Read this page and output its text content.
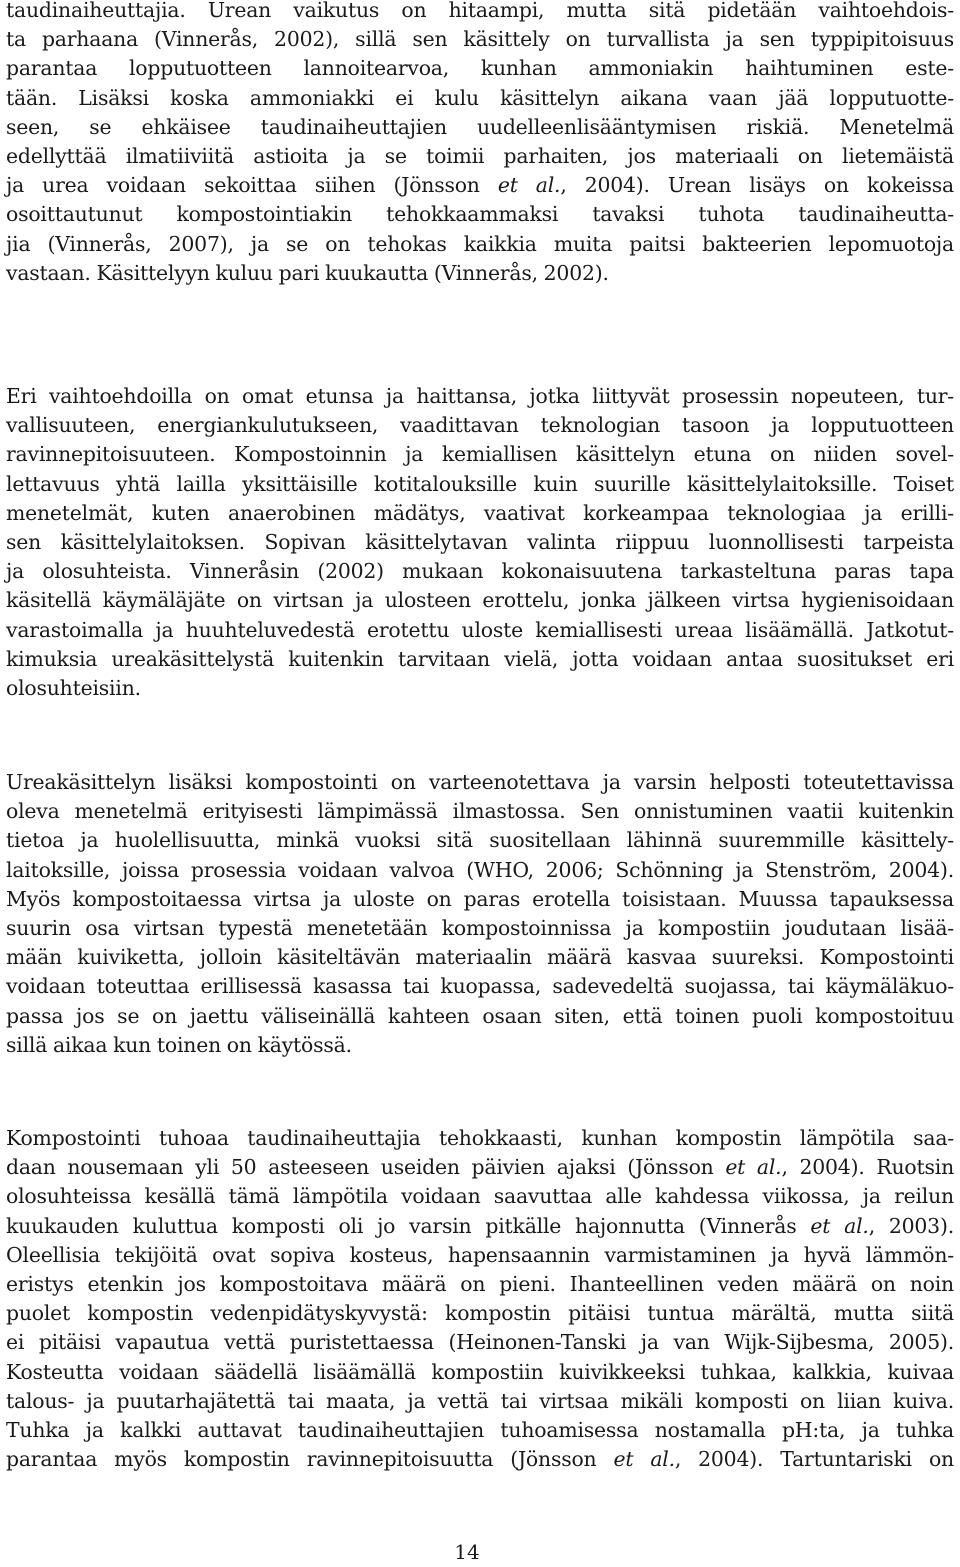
taudinaiheuttajia. Urean vaikutus on hitaampi, mutta sitä pidetään vaihtoehdois-
ta parhaana (Vinnerås, 2002), sillä sen käsittely on turvallista ja sen typpipitoisuus
parantaa lopputuotteen lannoitearvoa, kunhan ammoniakin haihtuminen este-
tään. Lisäksi koska ammoniakki ei kulu käsittelyn aikana vaan jää lopputuotte-
seen, se ehkäisee taudinaiheuttajien uudelleenlisääntymisen riskiä. Menetelmä
edellyttää ilmatiiviitä astioita ja se toimii parhaiten, jos materiaali on lietemäistä
ja urea voidaan sekoittaa siihen (Jönsson et al., 2004). Urean lisäys on kokeissa
osoittautunut kompostointiakin tehokkaammaksi tavaksi tuhota taudinaiheutta-
jia (Vinnerås, 2007), ja se on tehokas kaikkia muita paitsi bakteerien lepomuotoja
vastaan. Käsittelyyn kuluu pari kuukautta (Vinnerås, 2002).
Eri vaihtoehdoilla on omat etunsa ja haittansa, jotka liittyvät prosessin nopeuteen, tur-
vallisuuteen, energiankulutukseen, vaadittavan teknologian tasoon ja lopputuotteen
ravinnepitoisuuteen. Kompostoinnin ja kemiallisen käsittelyn etuna on niiden sovel-
lettavuus yhtä lailla yksittäisille kotitalouksille kuin suurille käsittelylaitoksille. Toiset
menetelmät, kuten anaerobinen mädätys, vaativat korkeampaa teknologiaa ja erilli-
sen käsittelylaitoksen. Sopivan käsittelytavan valinta riippuu luonnollisesti tarpeista
ja olosuhteista. Vinneråsin (2002) mukaan kokonaisuutena tarkasteltuna paras tapa
käsitellä käymäläjäte on virtsan ja ulosteen erottelu, jonka jälkeen virtsa hygienisoidaan
varastoimalla ja huuhteluvedestä erotettu uloste kemiallisesti ureaa lisäämällä. Jatkotut-
kimuksia ureakäsittelystä kuitenkin tarvitaan vielä, jotta voidaan antaa suositukset eri
olosuhteisiin.
Ureakäsittelyn lisäksi kompostointi on varteenotettava ja varsin helposti toteutettavissa
oleva menetelmä erityisesti lämpimässä ilmastossa. Sen onnistuminen vaatii kuitenkin
tietoa ja huolellisuutta, minkä vuoksi sitä suositellaan lähinnä suuremmille käsittely-
laitoksille, joissa prosessia voidaan valvoa (WHO, 2006; Schönning ja Stenström, 2004).
Myös kompostoitaessa virtsa ja uloste on paras erotella toisistaan. Muussa tapauksessa
suurin osa virtsan typestä menetetään kompostoinnissa ja kompostiin joudutaan lisää-
mään kuiviketta, jolloin käsiteltävän materiaalin määrä kasvaa suureksi. Kompostointi
voidaan toteuttaa erillisessä kasassa tai kuopassa, sadevedeltä suojassa, tai käymäläkuo-
passa jos se on jaettu väliseinällä kahteen osaan siten, että toinen puoli kompostoituu
sillä aikaa kun toinen on käytössä.
Kompostointi tuhoaa taudinaiheuttajia tehokkaasti, kunhan kompostin lämpötila saa-
daan nousemaan yli 50 asteeseen useiden päivien ajaksi (Jönsson et al., 2004). Ruotsin
olosuhteissa kesällä tämä lämpötila voidaan saavuttaa alle kahdessa viikossa, ja reilun
kuukauden kuluttua komposti oli jo varsin pitkälle hajonnutta (Vinnerås et al., 2003).
Oleellisia tekijöitä ovat sopiva kosteus, hapensaannin varmistaminen ja hyvä lämmön-
eristys etenkin jos kompostoitava määrä on pieni. Ihanteellinen veden määrä on noin
puolet kompostin vedenpidätyskyvystä: kompostin pitäisi tuntua märältä, mutta siitä
ei pitäisi vapautua vettä puristettaessa (Heinonen-Tanski ja van Wijk-Sijbesma, 2005).
Kosteutta voidaan säädellä lisäämällä kompostiin kuivikkeeksi tuhkaa, kalkkia, kuivaa
talous- ja puutarhajätettä tai maata, ja vettä tai virtsaa mikäli komposti on liian kuiva.
Tuhka ja kalkki auttavat taudinaiheuttajien tuhoamisessa nostamalla pH:ta, ja tuhka
parantaa myös kompostin ravinnepitoisuutta (Jönsson et al., 2004). Tartuntariski on
14
